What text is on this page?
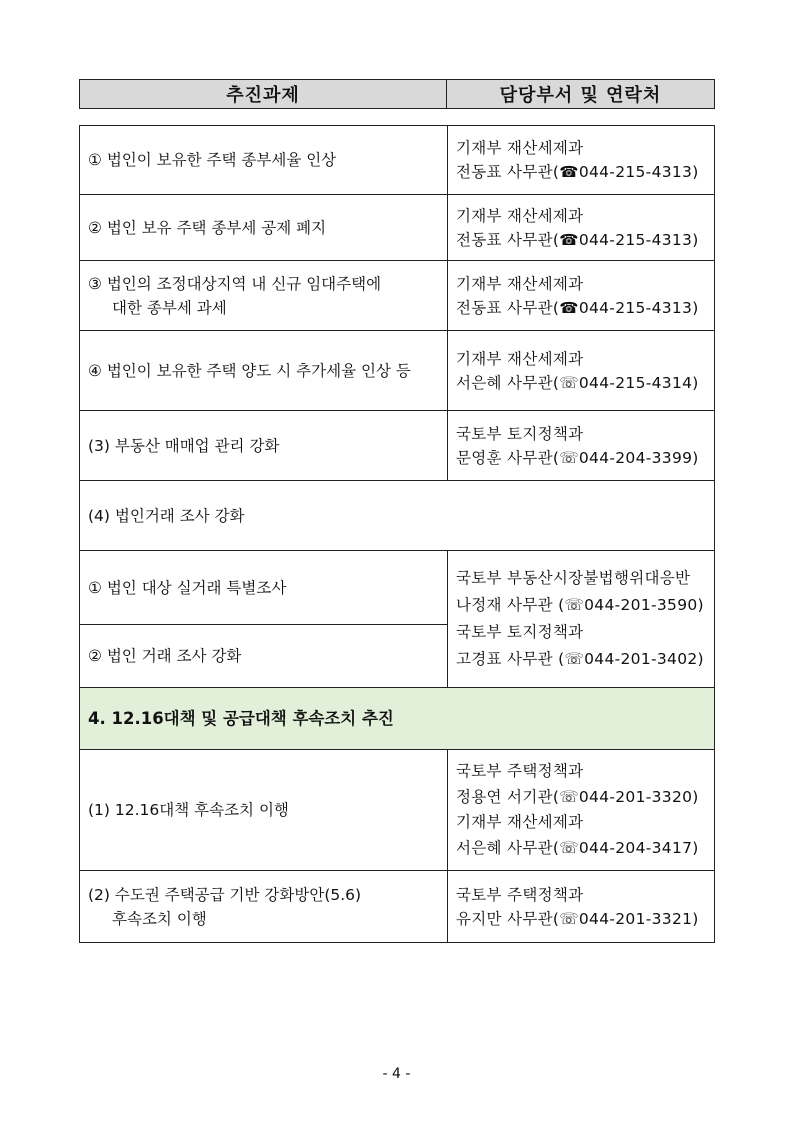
추진과제	담당부서 및 연락처
① 법인이 보유한 주택 종부세율 인상	기재부 재산세제과
전동표 사무관(☎044-215-4313)

② 법인 보유 주택 종부세 공제 폐지	기재부 재산세제과
전동표 사무관(☎044-215-4313)

③ 법인의 조정대상지역 내 신규 임대주택에
대한 종부세 과세	기재부 재산세제과
전동표 사무관(☎044-215-4313)

④ 법인이 보유한 주택 양도 시 추가세율 인상 등	기재부 재산세제과
서은혜 사무관(☏044-215-4314)

(3) 부동산 매매업 관리 강화	국토부 토지정책과
문영훈 사무관(☏044-204-3399)

(4) 법인거래 조사 강화	

① 법인 대상 실거래 특별조사	국토부 부동산시장불법행위대응반
나정재 사무관 (☏044-201-3590)
국토부 토지정책과
고경표 사무관 (☏044-201-3402)

② 법인 거래 조사 강화	

4. 12.16대책 및 공급대책 후속조치 추진	

(1) 12.16대책 후속조치 이행	국토부 주택정책과
정용연 서기관(☏044-201-3320)
기재부 재산세제과
서은혜 사무관(☏044-204-3417)

(2) 수도권 주택공급 기반 강화방안(5.6)
후속조치 이행	국토부 주택정책과
유지만 사무관(☏044-201-3321)
- 4 -
